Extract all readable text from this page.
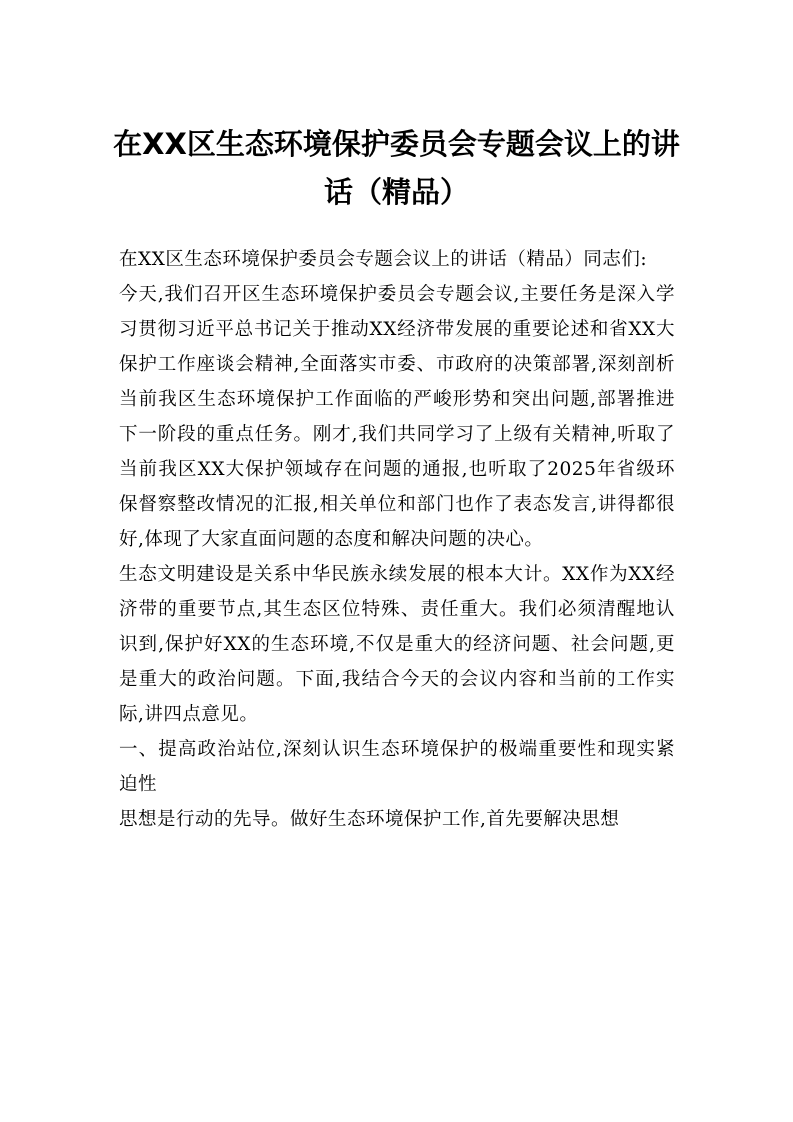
在XX区生态环境保护委员会专题会议上的讲话（精品）

在XX区生态环境保护委员会专题会议上的讲话（精品）同志们:

今天,我们召开区生态环境保护委员会专题会议,主要任务是深入学习贯彻习近平总书记关于推动XX经济带发展的重要论述和省XX大保护工作座谈会精神,全面落实市委、市政府的决策部署,深刻剖析当前我区生态环境保护工作面临的严峻形势和突出问题,部署推进下一阶段的重点任务。刚才,我们共同学习了上级有关精神,听取了当前我区XX大保护领域存在问题的通报,也听取了2025年省级环保督察整改情况的汇报,相关单位和部门也作了表态发言,讲得都很好,体现了大家直面问题的态度和解决问题的决心。

生态文明建设是关系中华民族永续发展的根本大计。XX作为XX经济带的重要节点,其生态区位特殊、责任重大。我们必须清醒地认识到,保护好XX的生态环境,不仅是重大的经济问题、社会问题,更是重大的政治问题。下面,我结合今天的会议内容和当前的工作实际,讲四点意见。

一、提高政治站位,深刻认识生态环境保护的极端重要性和现实紧迫性

思想是行动的先导。做好生态环境保护工作,首先要解决思想
